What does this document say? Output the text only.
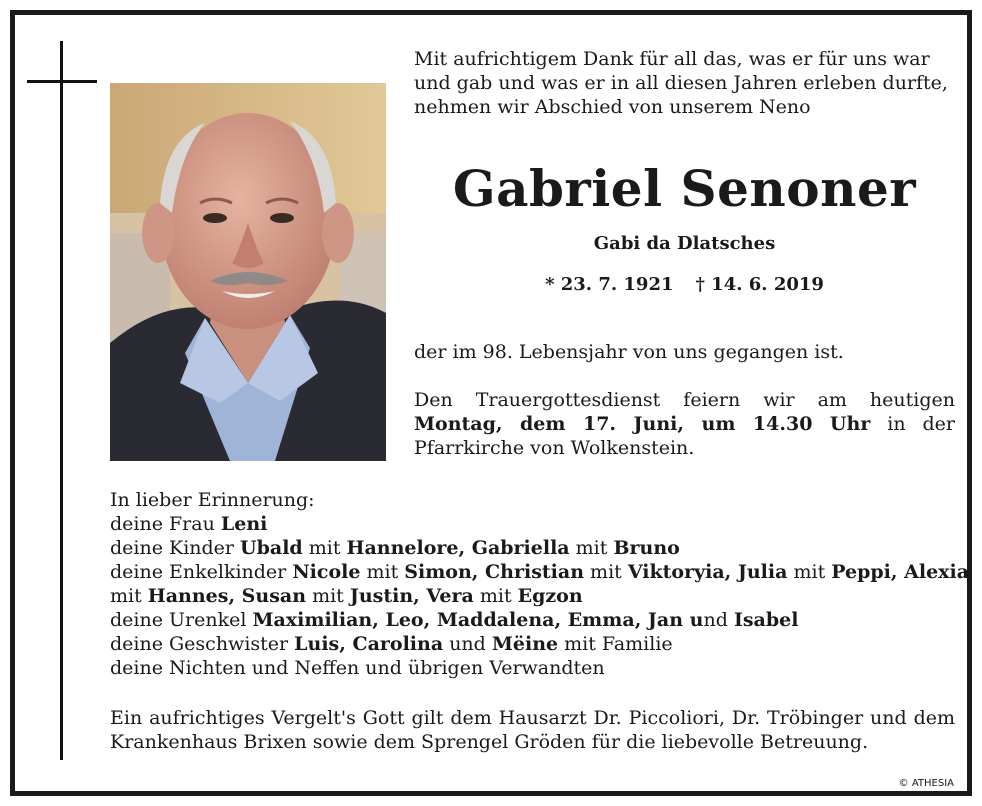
Mit aufrichtigem Dank für all das, was er für uns war
und gab und was er in all diesen Jahren erleben durfte,
nehmen wir Abschied von unserem Neno
Gabriel Senoner
Gabi da Dlatsches
* 23. 7. 1921 † 14. 6. 2019
der im 98. Lebensjahr von uns gegangen ist.
Den Trauergottesdienst feiern wir am heutigen Montag, dem 17. Juni, um 14.30 Uhr in der Pfarrkirche von Wolkenstein.
In lieber Erinnerung:
deine Frau Leni
deine Kinder Ubald mit Hannelore, Gabriella mit Bruno
deine Enkelkinder Nicole mit Simon, Christian mit Viktoryia, Julia mit Peppi, Alexia
mit Hannes, Susan mit Justin, Vera mit Egzon
deine Urenkel Maximilian, Leo, Maddalena, Emma, Jan und Isabel
deine Geschwister Luis, Carolina und Mëine mit Familie
deine Nichten und Neffen und übrigen Verwandten
Ein aufrichtiges Vergelt's Gott gilt dem Hausarzt Dr. Piccoliori, Dr. Tröbinger und dem Krankenhaus Brixen sowie dem Sprengel Gröden für die liebevolle Betreuung.
© ATHESIA
